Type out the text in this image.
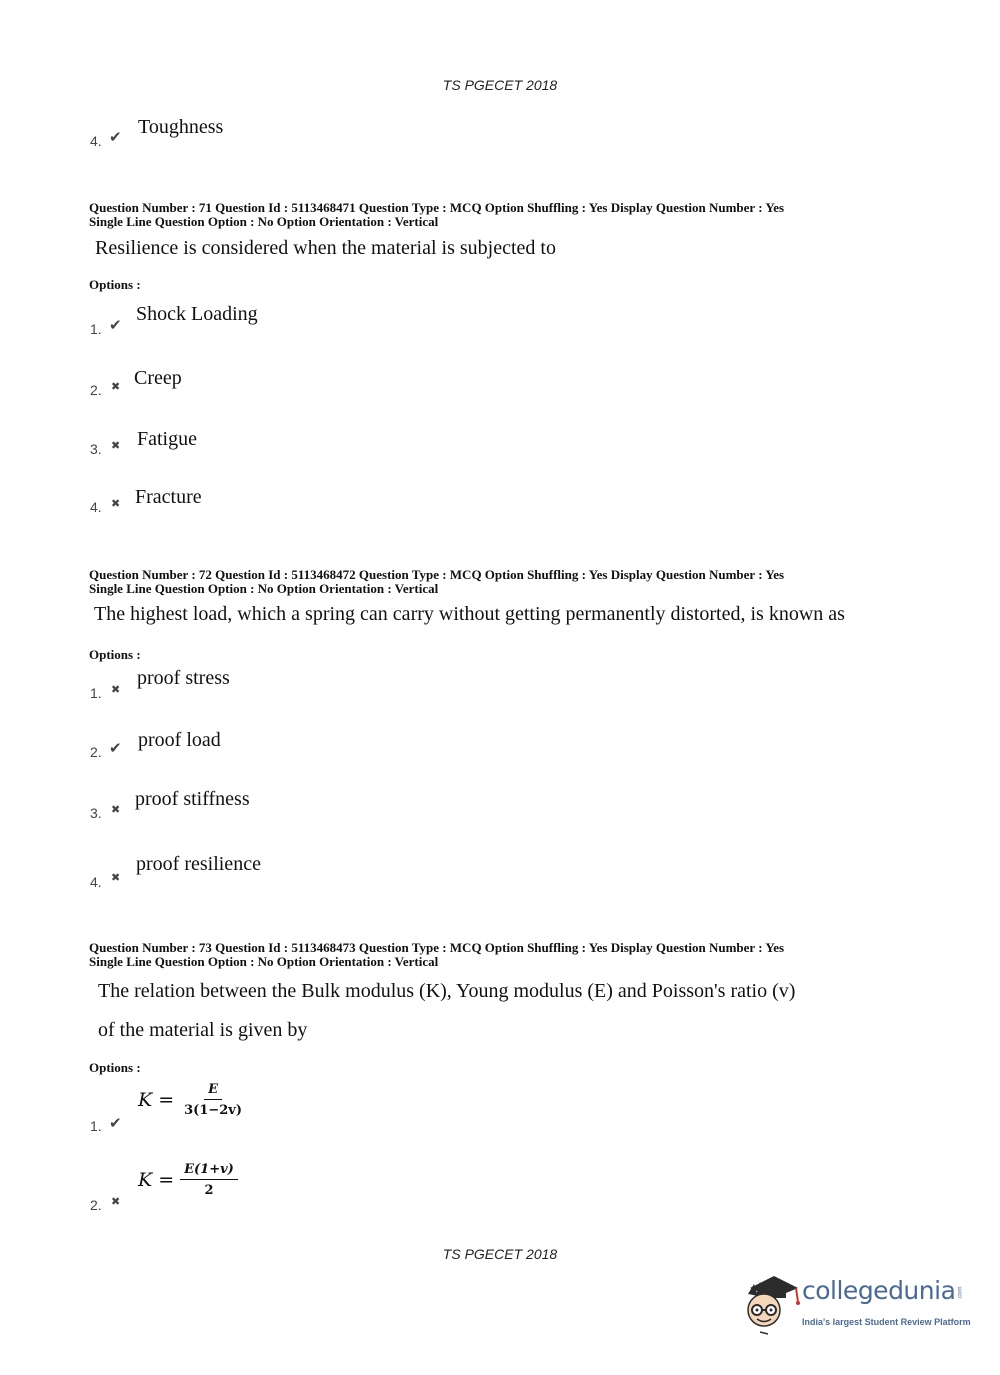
TS PGECET 2018
4. ✔ Toughness
Question Number : 71 Question Id : 5113468471 Question Type : MCQ Option Shuffling : Yes Display Question Number : Yes
Single Line Question Option : No Option Orientation : Vertical
Resilience is considered when the material is subjected to
Options :
1. ✔ Shock Loading
2. ✖ Creep
3. ✖ Fatigue
4. ✖ Fracture
Question Number : 72 Question Id : 5113468472 Question Type : MCQ Option Shuffling : Yes Display Question Number : Yes
Single Line Question Option : No Option Orientation : Vertical
The highest load, which a spring can carry without getting permanently distorted, is known as
Options :
1. ✖
proof stress
2. ✔ proof load
3. ✖ proof stiffness
4. ✖
proof resilience
Question Number : 73 Question Id : 5113468473 Question Type : MCQ Option Shuffling : Yes Display Question Number : Yes
Single Line Question Option : No Option Orientation : Vertical
The relation between the Bulk modulus (K), Young modulus (E) and Poisson's ratio (v)
of the material is given by
Options :
1. ✔
$K = \frac{E}{3(1-2v)}$
2. ✖
$K = \frac{E(1+v)}{2}$
TS PGECET 2018
collegedunia .com
India's largest Student Review Platform
